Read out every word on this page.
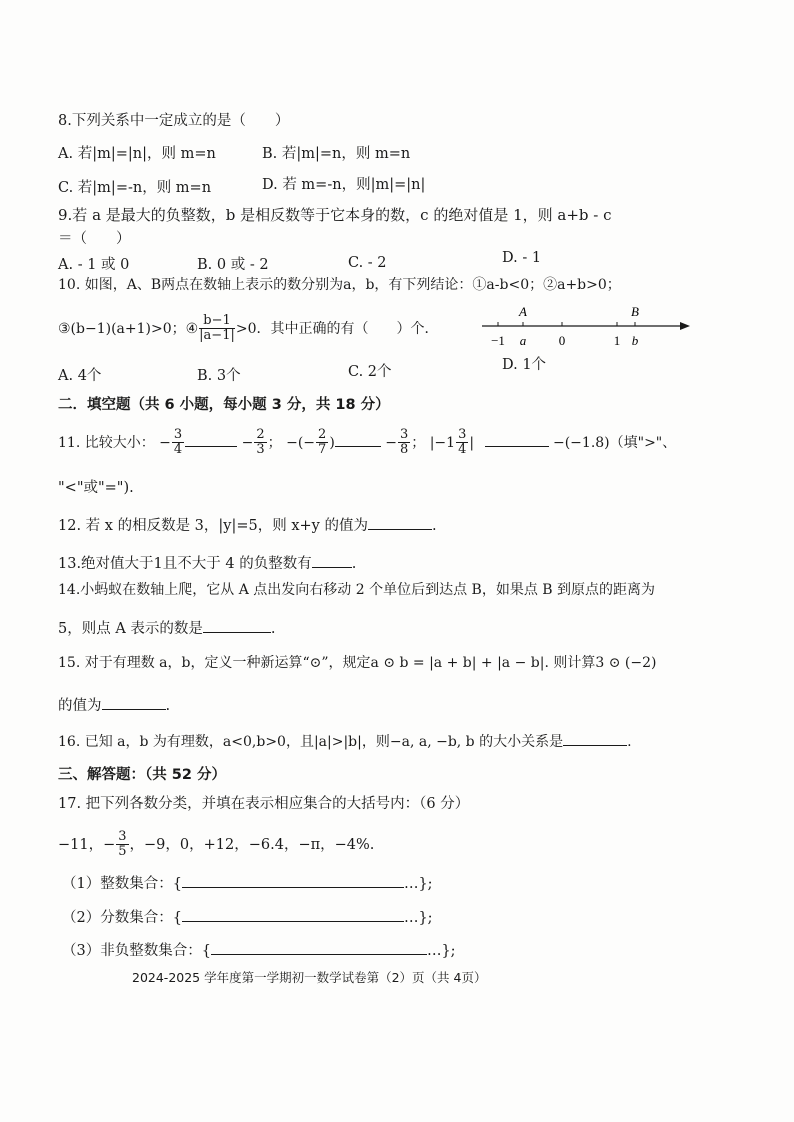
8.下列关系中一定成立的是（　　）
A. 若|m|=|n|，则 m=n	B. 若|m|=n，则 m=n
C. 若|m|=-n，则 m=n	D. 若 m=-n，则|m|=|n|
9.若 a 是最大的负整数，b 是相反数等于它本身的数，c 的绝对值是 1，则 a+b - c
＝（　　）
A. - 1 或 0	B. 0 或 - 2	C. - 2	D. - 1
10. 如图，A、B两点在数轴上表示的数分别为a，b，有下列结论：①a-b<0；②a+b>0；
③(b−1)(a+1)>0；④ $\frac{b-1}{|a-1|} >0$．其中正确的有（　　）个．
A	B
−1 a	0	1 b
A. 4个	B. 3个	C. 2个	D. 1个
二．填空题（共 6 小题，每小题 3 分，共 18 分）
11. 比较大小： − $\frac{3}{4}$	− $\frac{2}{3}$ ； −(− $\frac{2}{7}$ )	− $\frac{3}{8}$ ； $|-1 \frac{3}{4}$ |	−(−1.8)（填">"、
"<"或"=").
12. 若 x 的相反数是 3，|y|=5，则 x+y 的值为	.
13.绝对值大于1且不大于 4 的负整数有	.
14.小蚂蚁在数轴上爬，它从 A 点出发向右移动 2 个单位后到达点 B，如果点 B 到原点的距离为
5，则点 A 表示的数是	.
15. 对于有理数 a，b，定义一种新运算“⊙”，规定a ⊙ b = |a + b| + |a − b|. 则计算3 ⊙ (−2)
的值为	.
16. 已知 a，b 为有理数，a<0,b>0，且|a|>|b|，则−a, a, −b, b 的大小关系是	.
三、解答题：（共 52 分）
17. 把下列各数分类，并填在表示相应集合的大括号内：（6 分）
−11，− $\frac{3}{5}$ ，−9，0，+12，−6.4，−π，−4%.
（1）整数集合：{	…};
（2）分数集合：{	…};
（3）非负整数集合：{	…};
2024-2025 学年度第一学期初一数学试卷第（2）页（共 4页）
